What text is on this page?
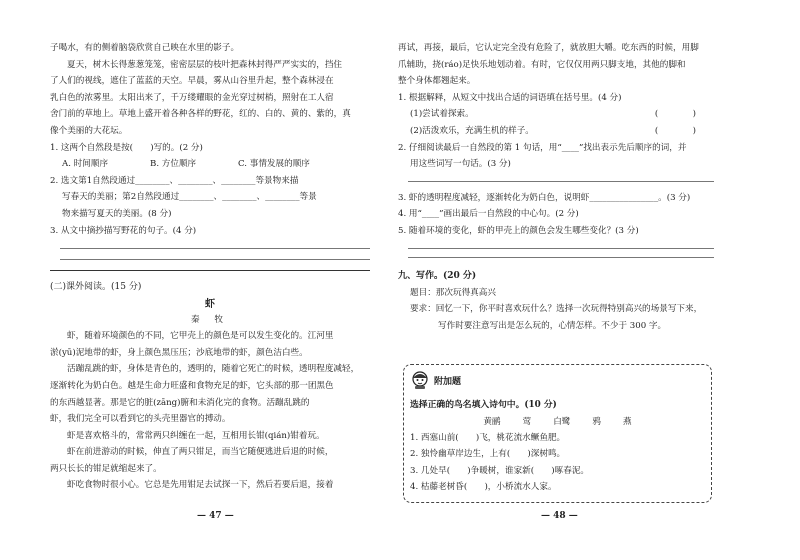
子喝水，有的侧着脑袋欣赏自己映在水里的影子。

夏天，树木长得葱葱笼笼，密密层层的枝叶把森林封得严严实实的，挡住

了人们的视线，遮住了蓝蓝的天空。早晨，雾从山谷里升起，整个森林浸在

乳白色的浓雾里。太阳出来了，千万缕耀眼的金光穿过树梢，照射在工人宿

舍门前的草地上。草地上盛开着各种各样的野花，红的、白的、黄的、紫的，真

像个美丽的大花坛。

1. 这两个自然段是按(　　)写的。(2 分)

A. 时间顺序	B. 方位顺序	C. 事情发展的顺序

2. 选文第1自然段通过________、________、________等景物来描

写春天的美丽；第2自然段通过________、________、________等景

物来描写夏天的美丽。(8 分)

3. 从文中摘抄描写野花的句子。(4 分)

(二)课外阅读。(15 分)

虾

秦 牧

虾，随着环境颜色的不同，它甲壳上的颜色是可以发生变化的。江河里

淤(yū)泥地带的虾，身上颜色黑压压；沙底地带的虾，颜色洁白些。

活蹦乱跳的虾，身体是青色的，透明的，随着它死亡的时候，透明程度减轻，

逐渐转化为奶白色。越是生命力旺盛和食物充足的虾，它头部的那一团黑色

的东西越显著。那是它的脏(zāng)腑和未消化完的食物。活蹦乱跳的

虾，我们完全可以看到它的头壳里器官的搏动。

虾是喜欢格斗的，常常两只纠缠在一起，互相用长钳(qián)钳着玩。

虾在前进游动的时候，伸直了两只钳足，而当它随便逃进后退的时候，

两只长长的钳足就缩起来了。

虾吃食物时很小心。它总是先用钳足去试探一下，然后若要后退，接着

— 47 —

再试，再接，最后，它认定完全没有危险了，就放胆大嚼。吃东西的时候，用脚

爪辅助，挠(ráo)足快乐地划动着。有时，它仅仅用两只脚支地，其他的脚和

整个身体都翘起来。

1. 根据解释，从短文中找出合适的词语填在括号里。(4 分)

(1)尝试着探索。	(　　　　)
(2)活泼欢乐，充满生机的样子。	(　　　　)

2. 仔细阅读最后一自然段的第 1 句话，用“____”找出表示先后顺序的词，并

用这些词写一句话。(3 分)

3. 虾的透明程度减轻，逐渐转化为奶白色，说明虾________________。(3 分)

4. 用“____”画出最后一自然段的中心句。(2 分)

5. 随着环境的变化，虾的甲壳上的颜色会发生哪些变化？(3 分)

九、写作。(20 分)

题目：那次玩得真高兴

要求：回忆一下，你平时喜欢玩什么？选择一次玩得特别高兴的场景写下来，

写作时要注意写出是怎么玩的，心情怎样。不少于 300 字。

附加题

选择正确的鸟名填入诗句中。(10 分)

黄鹂	莺	白鹭	鸦	燕

1. 西塞山前(　　)飞，桃花流水鳜鱼肥。

2. 独怜幽草岸边生，上有(　　)深树鸣。

3. 几处早(　　)争暖树，谁家新(　　)啄春泥。

4. 枯藤老树昏(　　)，小桥流水人家。

— 48 —
